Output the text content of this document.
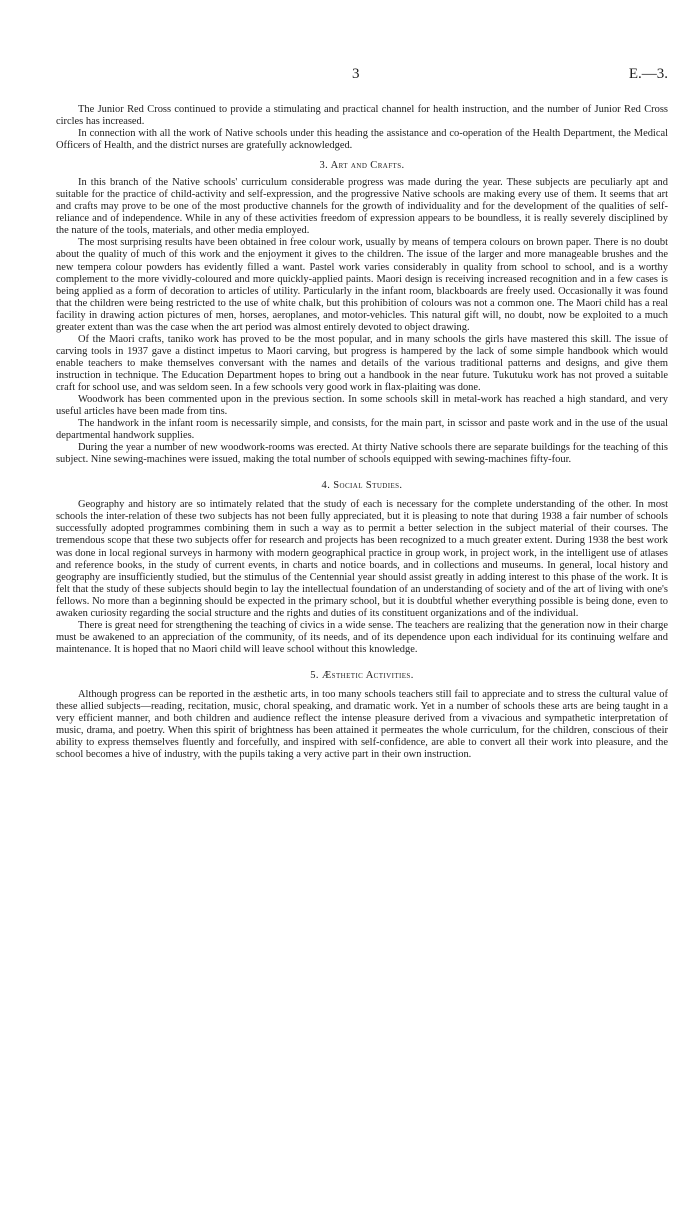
3	E.—3.

The Junior Red Cross continued to provide a stimulating and practical channel for health instruction, and the number of Junior Red Cross circles has increased.

In connection with all the work of Native schools under this heading the assistance and co-operation of the Health Department, the Medical Officers of Health, and the district nurses are gratefully acknowledged.

3. Art and Crafts.

In this branch of the Native schools' curriculum considerable progress was made during the year. These subjects are peculiarly apt and suitable for the practice of child-activity and self-expression, and the progressive Native schools are making every use of them. It seems that art and crafts may prove to be one of the most productive channels for the growth of individuality and for the development of the qualities of self-reliance and of independence. While in any of these activities freedom of expression appears to be boundless, it is really severely disciplined by the nature of the tools, materials, and other media employed.

The most surprising results have been obtained in free colour work, usually by means of tempera colours on brown paper. There is no doubt about the quality of much of this work and the enjoyment it gives to the children. The issue of the larger and more manageable brushes and the new tempera colour powders has evidently filled a want. Pastel work varies considerably in quality from school to school, and is a worthy complement to the more vividly-coloured and more quickly-applied paints. Maori design is receiving increased recognition and in a few cases is being applied as a form of decoration to articles of utility. Particularly in the infant room, blackboards are freely used. Occasionally it was found that the children were being restricted to the use of white chalk, but this prohibition of colours was not a common one. The Maori child has a real facility in drawing action pictures of men, horses, aeroplanes, and motor-vehicles. This natural gift will, no doubt, now be exploited to a much greater extent than was the case when the art period was almost entirely devoted to object drawing.

Of the Maori crafts, taniko work has proved to be the most popular, and in many schools the girls have mastered this skill. The issue of carving tools in 1937 gave a distinct impetus to Maori carving, but progress is hampered by the lack of some simple handbook which would enable teachers to make themselves conversant with the names and details of the various traditional patterns and designs, and give them instruction in technique. The Education Department hopes to bring out a handbook in the near future. Tukutuku work has not proved a suitable craft for school use, and was seldom seen. In a few schools very good work in flax-plaiting was done.

Woodwork has been commented upon in the previous section. In some schools skill in metal-work has reached a high standard, and very useful articles have been made from tins.

The handwork in the infant room is necessarily simple, and consists, for the main part, in scissor and paste work and in the use of the usual departmental handwork supplies.

During the year a number of new woodwork-rooms was erected. At thirty Native schools there are separate buildings for the teaching of this subject. Nine sewing-machines were issued, making the total number of schools equipped with sewing-machines fifty-four.

4. Social Studies.

Geography and history are so intimately related that the study of each is necessary for the complete understanding of the other. In most schools the inter-relation of these two subjects has not been fully appreciated, but it is pleasing to note that during 1938 a fair number of schools successfully adopted programmes combining them in such a way as to permit a better selection in the subject material of their courses. The tremendous scope that these two subjects offer for research and projects has been recognized to a much greater extent. During 1938 the best work was done in local regional surveys in harmony with modern geographical practice in group work, in project work, in the intelligent use of atlases and reference books, in the study of current events, in charts and notice boards, and in collections and museums. In general, local history and geography are insufficiently studied, but the stimulus of the Centennial year should assist greatly in adding interest to this phase of the work. It is felt that the study of these subjects should begin to lay the intellectual foundation of an understanding of society and of the art of living with one's fellows. No more than a beginning should be expected in the primary school, but it is doubtful whether everything possible is being done, even to awaken curiosity regarding the social structure and the rights and duties of its constituent organizations and of the individual.

There is great need for strengthening the teaching of civics in a wide sense. The teachers are realizing that the generation now in their charge must be awakened to an appreciation of the community, of its needs, and of its dependence upon each individual for its continuing welfare and maintenance. It is hoped that no Maori child will leave school without this knowledge.

5. Æsthetic Activities.

Although progress can be reported in the æsthetic arts, in too many schools teachers still fail to appreciate and to stress the cultural value of these allied subjects—reading, recitation, music, choral speaking, and dramatic work. Yet in a number of schools these arts are being taught in a very efficient manner, and both children and audience reflect the intense pleasure derived from a vivacious and sympathetic interpretation of music, drama, and poetry. When this spirit of brightness has been attained it permeates the whole curriculum, for the children, conscious of their ability to express themselves fluently and forcefully, and inspired with self-confidence, are able to convert all their work into pleasure, and the school becomes a hive of industry, with the pupils taking a very active part in their own instruction.
